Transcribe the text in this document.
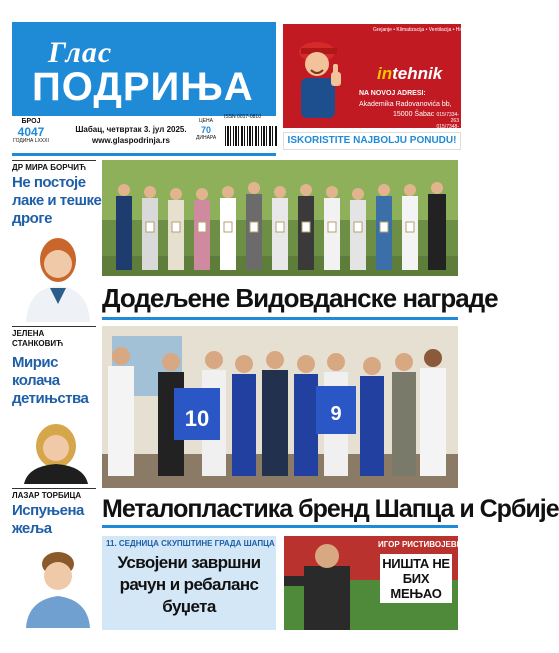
Глас
ПОДРИЊА
БРОЈ
4047
ГОДИНА LXXXI
Шабац, четвртак 3. јул 2025.
www.glaspodrinja.rs
ЦЕНА
70
ДИНАРА
ISSN 0017-0810
Grejanje • Klimatizacija • Ventilacija • Hidrotehnika • Automatika
intehnik
NA NOVOJ ADRESI:
Akademika Radovanovića bb,
15000 Šabac 015/7334-263
015/7348-
ISKORISTITE NAJBOLJU PONUDU!
ДР МИРА БОРЧИЋ
Не постоје лаке и тешке дроге
ЈЕЛЕНА СТАНКОВИЋ
Мирис колача детињства
ЛАЗАР ТОРБИЦА
Испуњена жеља
Додељене Видовданске награде
10	9
Металопластика бренд Шапца и Србије
11. СЕДНИЦА СКУПШТИНЕ ГРАДА ШАПЦА
Усвојени завршни рачун и ребаланс буџета
ИГОР РИСТИВОЈЕВИЋ:
НИШТА НЕ БИХ МЕЊАО
